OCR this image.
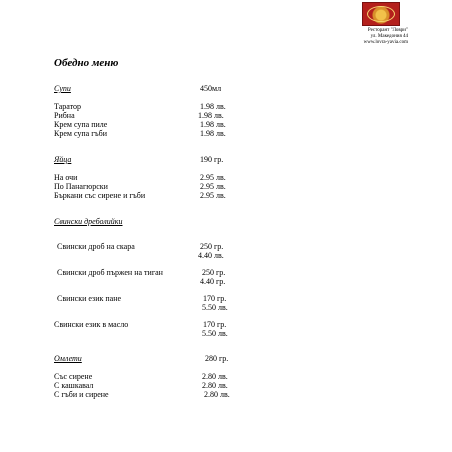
Ресторант "Ловри"
ул. Македония 44
www.lovra-yavia.com
Обедно меню
Супи	450мл
Таратор	1.98 лв.
Рибна	1.98 лв.
Крем супа пиле	1.98 лв.
Крем супа гъби	1.98 лв.
Яйца	190 гр.
На очи	2.95 лв.
По Панагюрски	2.95 лв.
Бъркани със сирене и гъби	2.95 лв.
Свински дреболийки
Свински дроб на скара	250 гр.
4.40 лв.
Свински дроб пържен на тиган	250 гр.
4.40 гр.
Свински език пане	170 гр.
5.50 лв.
Свински език в масло	170 гр.
5.50 лв.
Омлети	280 гр.
Със сирене	2.80 лв.
С кашкавал	2.80 лв.
С гъби и сирене	2.80 лв.
